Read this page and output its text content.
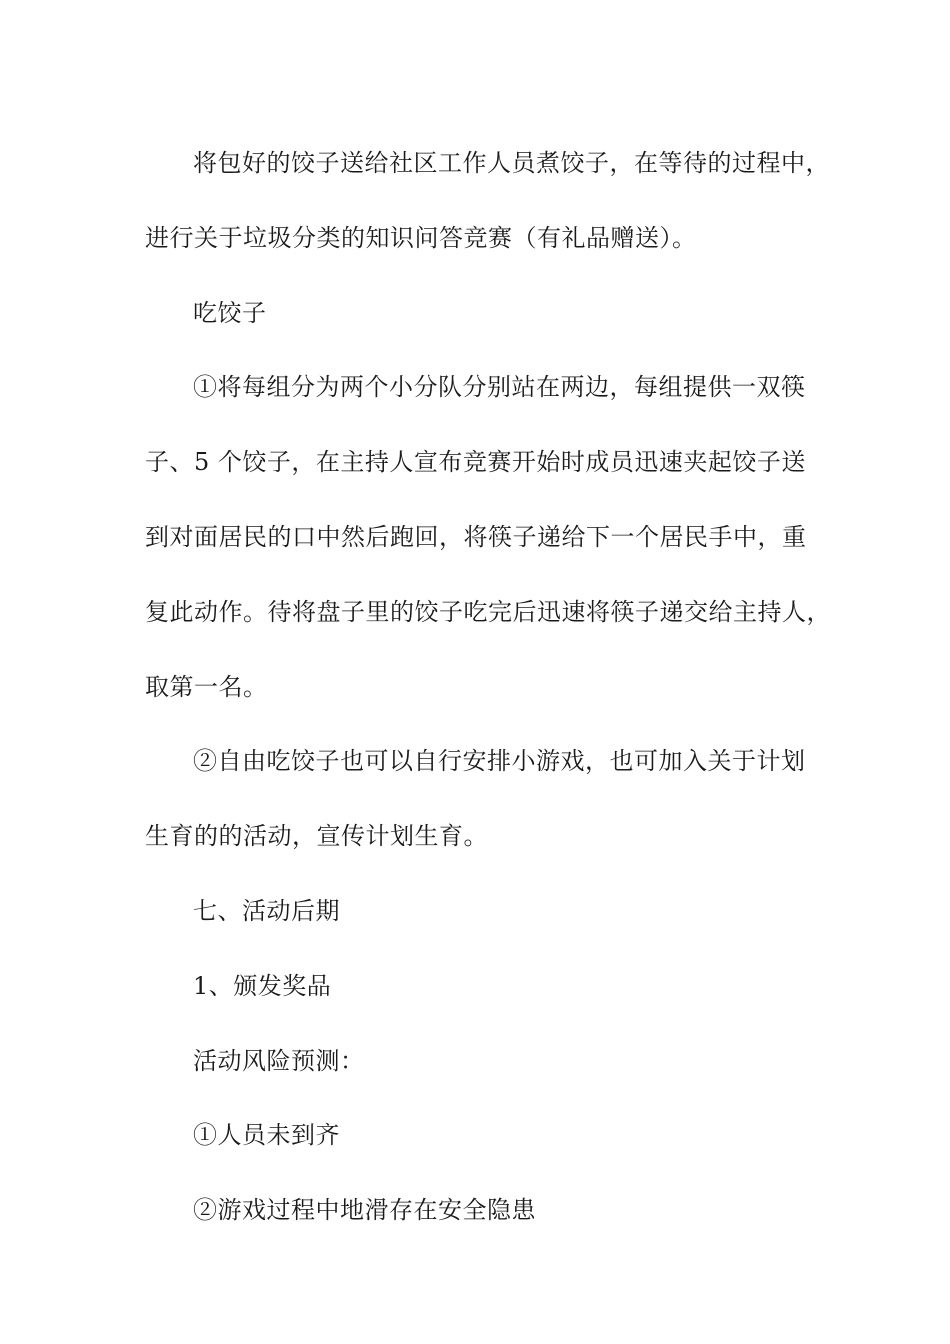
将包好的饺子送给社区工作人员煮饺子，在等待的过程中，
进行关于垃圾分类的知识问答竞赛（有礼品赠送）。
吃饺子
①将每组分为两个小分队分别站在两边，每组提供一双筷
子、5 个饺子，在主持人宣布竞赛开始时成员迅速夹起饺子送
到对面居民的口中然后跑回，将筷子递给下一个居民手中，重
复此动作。待将盘子里的饺子吃完后迅速将筷子递交给主持人，
取第一名。
②自由吃饺子也可以自行安排小游戏，也可加入关于计划
生育的的活动，宣传计划生育。
七、活动后期
1、颁发奖品
活动风险预测：
①人员未到齐
②游戏过程中地滑存在安全隐患
